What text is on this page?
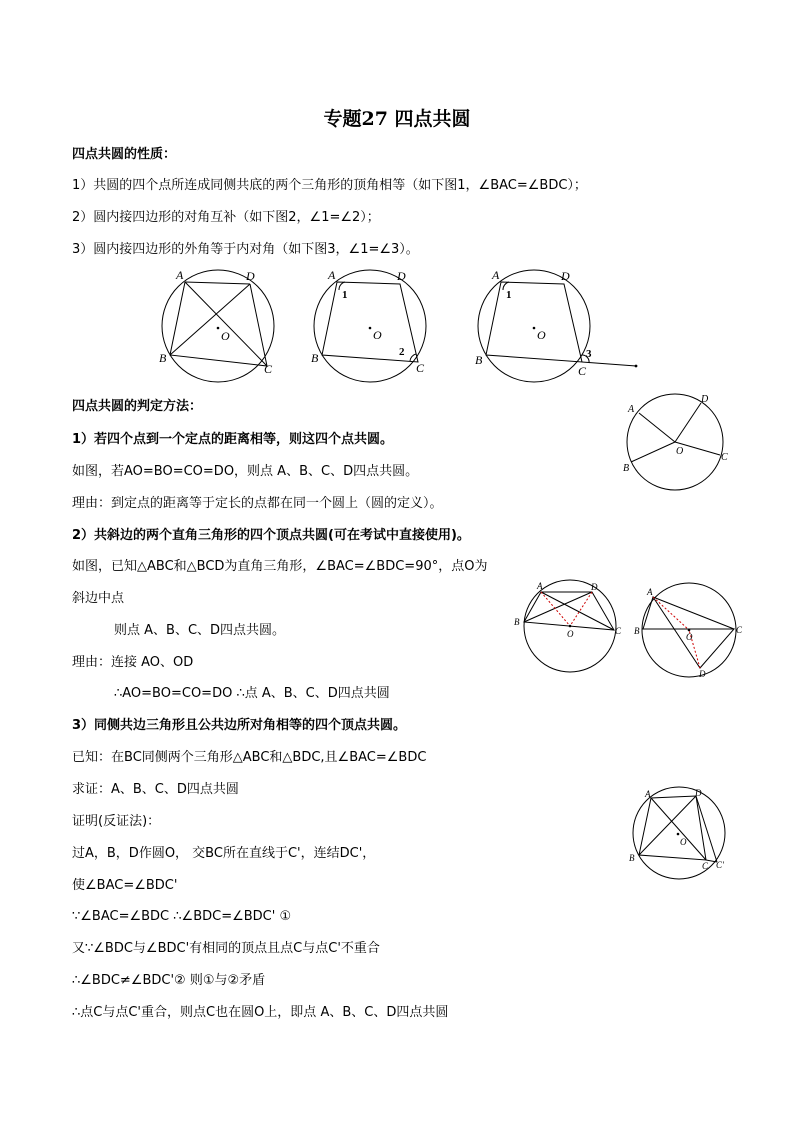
专题27 四点共圆
四点共圆的性质：
1）共圆的四个点所连成同侧共底的两个三角形的顶角相等（如下图1，∠BAC=∠BDC）；
2）圆内接四边形的对角互补（如下图2，∠1=∠2）；
3）圆内接四边形的外角等于内对角（如下图3，∠1=∠3）。
A	D
B
C
O
A	D
B
C
O
1
2
A	D
B
C
O
1
3
四点共圆的判定方法：
1）若四个点到一个定点的距离相等，则这四个点共圆。
如图，若AO=BO=CO=DO，则点 A、B、C、D四点共圆。
理由：到定点的距离等于定长的点都在同一个圆上（圆的定义）。
A
D
B
C
O
2）共斜边的两个直角三角形的四个顶点共圆(可在考试中直接使用)。
如图，已知△ABC和△BCD为直角三角形，∠BAC=∠BDC=90°，点O为
斜边中点
则点 A、B、C、D四点共圆。
理由：连接 AO、OD
∴AO=BO=CO=DO ∴点 A、B、C、D四点共圆
A	D
B
C
O
A
B	C
D
O
3）同侧共边三角形且公共边所对角相等的四个顶点共圆。
已知：在BC同侧两个三角形△ABC和△BDC,且∠BAC=∠BDC
求证：A、B、C、D四点共圆
证明(反证法)：
过A，B，D作圆O， 交BC所在直线于C'，连结DC'，
使∠BAC=∠BDC'
∵∠BAC=∠BDC ∴∠BDC=∠BDC' ①
又∵∠BDC与∠BDC'有相同的顶点且点C与点C'不重合
∴∠BDC≠∠BDC'② 则①与②矛盾
∴点C与点C'重合，则点C也在圆O上，即点 A、B、C、D四点共圆
A	D
B
C C'
O
